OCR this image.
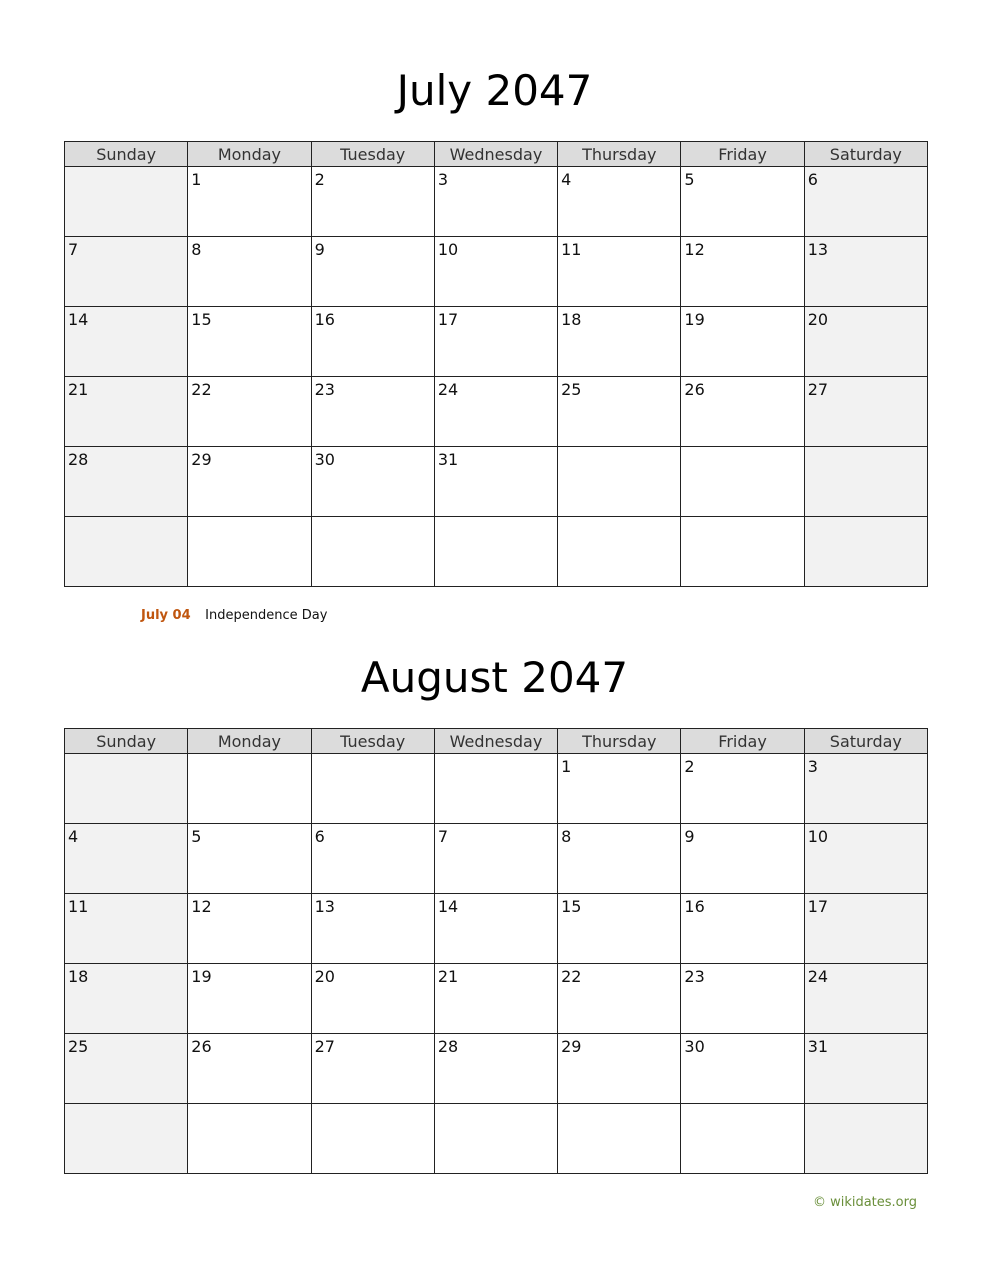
July 2047
Sunday	Monday	Tuesday	Wednesday	Thursday	Friday	Saturday

	1	2	3	4	5	6

7	8	9	10	11	12	13

14	15	16	17	18	19	20

21	22	23	24	25	26	27

28	29	30	31			

July 04 Independence Day
August 2047
Sunday	Monday	Tuesday	Wednesday	Thursday	Friday	Saturday

				1	2	3

4	5	6	7	8	9	10

11	12	13	14	15	16	17

18	19	20	21	22	23	24

25	26	27	28	29	30	31

© wikidates.org
